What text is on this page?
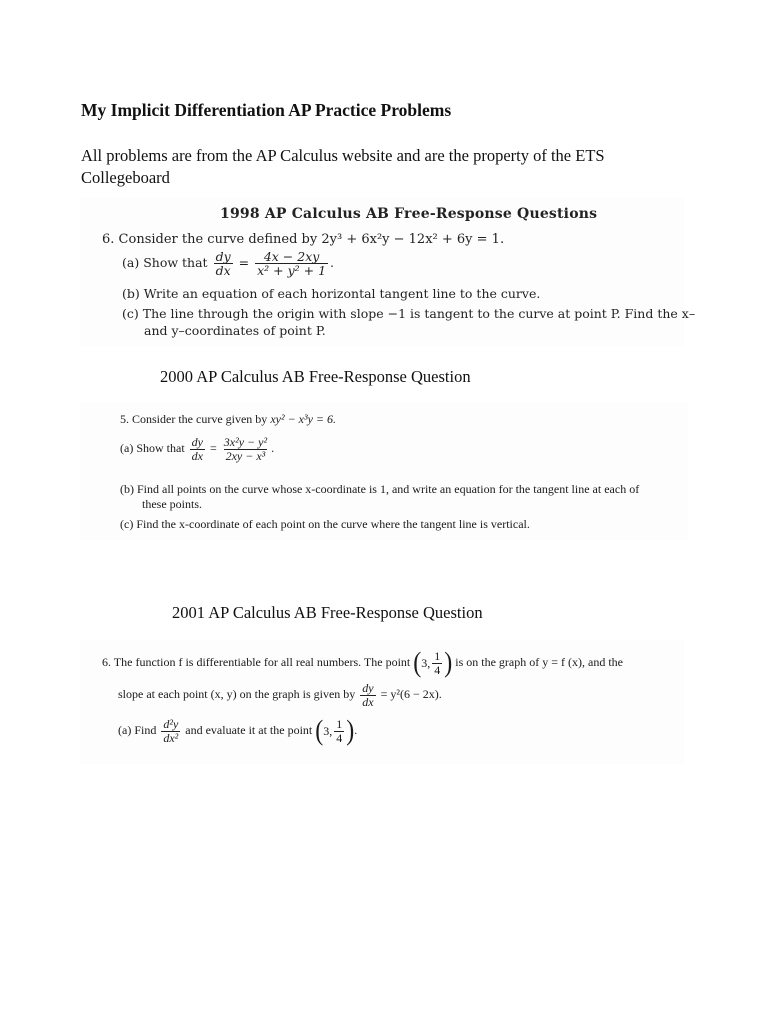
My Implicit Differentiation AP Practice Problems
All problems are from the AP Calculus website and are the property of the ETS Collegeboard
1998 AP Calculus AB Free-Response Questions
6. Consider the curve defined by 2y³ + 6x²y − 12x² + 6y = 1.
(a) Show that $\frac{dy}{dx} = \frac{4x - 2xy}{\text{x² + y² + 1}}$ .
(b) Write an equation of each horizontal tangent line to the curve.
(c) The line through the origin with slope −1 is tangent to the curve at point P. Find the x–
and y–coordinates of point P.
2000 AP Calculus AB Free-Response Question
5. Consider the curve given by xy² − x³y = 6.
(a) Show that $\frac{dy}{dx} = \frac{\text{3x²y − y²}}{\text{2xy − x³}}$ .
(b) Find all points on the curve whose x-coordinate is 1, and write an equation for the tangent line at each of
these points.
(c) Find the x-coordinate of each point on the curve where the tangent line is vertical.
2001 AP Calculus AB Free-Response Question
6. The function f is differentiable for all real numbers. The point ( 3, $\frac{1}{4}$ ) is on the graph of y = f (x), and the
slope at each point (x, y) on the graph is given by $\frac{dy}{dx} = y^2(6 - 2x)$.
(a) Find $\frac{\text{d²y}}{\text{dx²}}$ and evaluate it at the point ( 3, $\frac{1}{4}$ ) .
